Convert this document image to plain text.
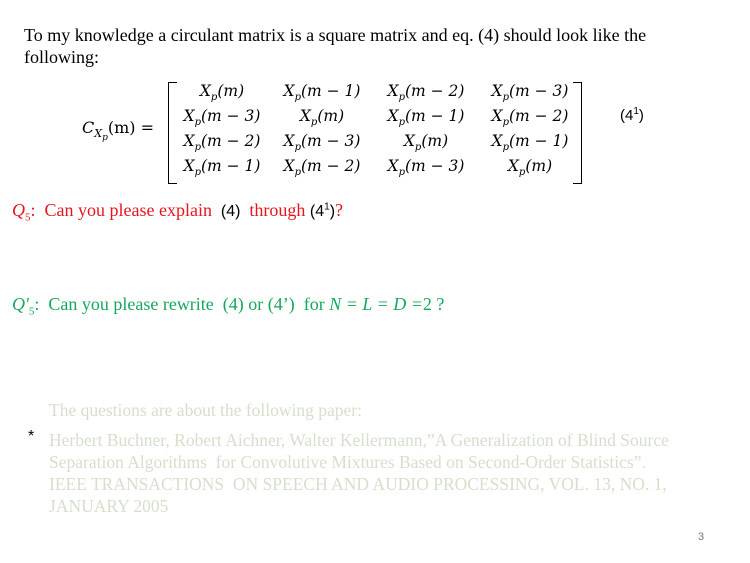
To my knowledge a circulant matrix is a square matrix and eq. (4) should look like the
following:
$C_{X_p}(m)$ =
$X_p(m)$	$X_p(m - 1)$	$X_p(m - 2)$	$X_p(m - 3)$
$X_p(m - 3)$	$X_p(m)$	$X_p(m - 1)$	$X_p(m - 2)$
$X_p(m - 2)$	$X_p(m - 3)$	$X_p(m)$	$X_p(m - 1)$
$X_p(m - 1)$	$X_p(m - 2)$	$X_p(m - 3)$	$X_p(m)$
$(4^1)$
$Q_5$:  Can you please explain  (4)  through $(4^1)$?
$Q'_5$:  Can you please rewrite  (4) or (4’)  for N = L = D =2 ?
*
The questions are about the following paper:
Herbert Buchner, Robert Aichner, Walter Kellermann,”A Generalization of Blind Source
Separation Algorithms  for Convolutive Mixtures Based on Second-Order Statistics”.
IEEE TRANSACTIONS  ON SPEECH AND AUDIO PROCESSING, VOL. 13, NO. 1,
JANUARY 2005
3
